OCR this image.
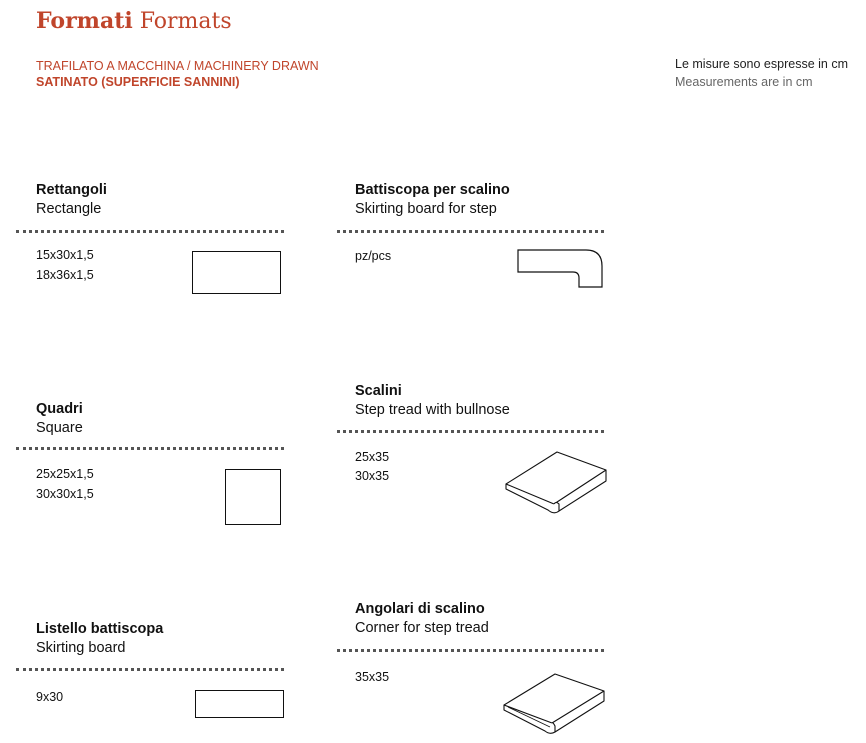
Formati Formats
TRAFILATO A MACCHINA / MACHINERY DRAWN
SATINATO (SUPERFICIE SANNINI)
Le misure sono espresse in cm
Measurements are in cm
Rettangoli
Rectangle
15x30x1,5
18x36x1,5
Quadri
Square
25x25x1,5
30x30x1,5
Listello battiscopa
Skirting board
9x30
Battiscopa per scalino
Skirting board for step
pz/pcs
Scalini
Step tread with bullnose
25x35
30x35
Angolari di scalino
Corner for step tread
35x35
